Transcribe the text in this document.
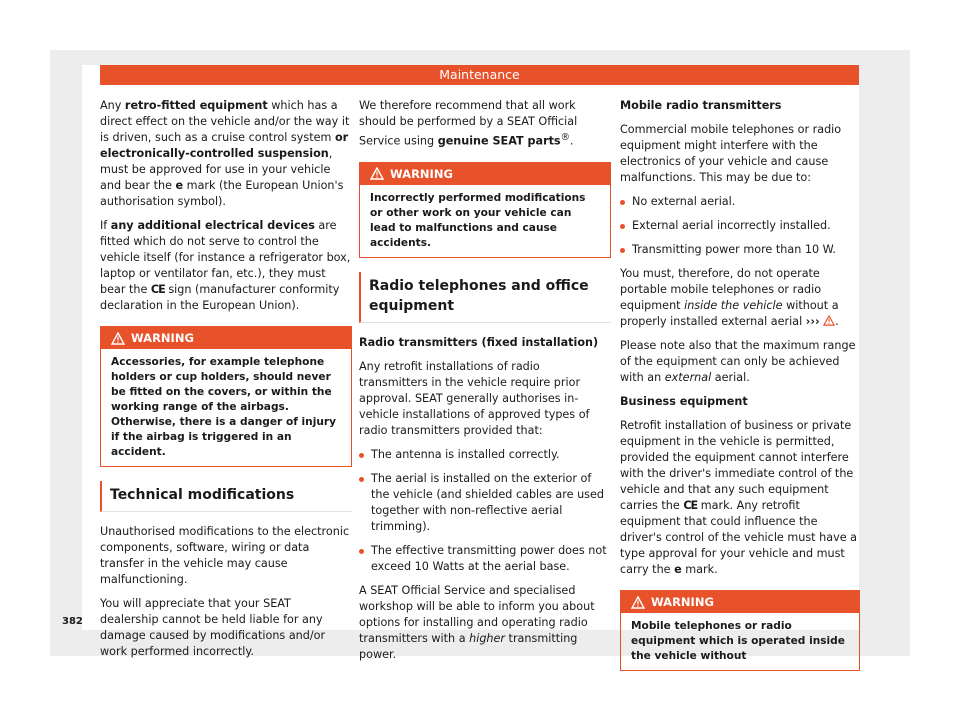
Maintenance

Any retro-fitted equipment which has a direct effect on the vehicle and/or the way it is driven, such as a cruise control system or electronically-controlled suspension, must be approved for use in your vehicle and bear the e mark (the European Union's authorisation symbol).

If any additional electrical devices are fitted which do not serve to control the vehicle itself (for instance a refrigerator box, laptop or ventilator fan, etc.), they must bear the CE sign (manufacturer conformity declaration in the European Union).

WARNING
Accessories, for example telephone holders or cup holders, should never be fitted on the covers, or within the working range of the airbags. Otherwise, there is a danger of injury if the airbag is triggered in an accident.
Technical modifications

Unauthorised modifications to the electronic components, software, wiring or data transfer in the vehicle may cause malfunctioning.

You will appreciate that your SEAT dealership cannot be held liable for any damage caused by modifications and/or work performed incorrectly.

We therefore recommend that all work should be performed by a SEAT Official Service using genuine SEAT parts®.

WARNING
Incorrectly performed modifications or other work on your vehicle can lead to malfunctions and cause accidents.
Radio telephones and office equipment

Radio transmitters (fixed installation)

Any retrofit installations of radio transmitters in the vehicle require prior approval. SEAT generally authorises in-vehicle installations of approved types of radio transmitters provided that:

The antenna is installed correctly.

The aerial is installed on the exterior of the vehicle (and shielded cables are used together with non-reflective aerial trimming).

The effective transmitting power does not exceed 10 Watts at the aerial base.

A SEAT Official Service and specialised workshop will be able to inform you about options for installing and operating radio transmitters with a higher transmitting power.

Mobile radio transmitters

Commercial mobile telephones or radio equipment might interfere with the electronics of your vehicle and cause malfunctions. This may be due to:

No external aerial.

External aerial incorrectly installed.

Transmitting power more than 10 W.

You must, therefore, do not operate portable mobile telephones or radio equipment inside the vehicle without a properly installed external aerial ››› .

Please note also that the maximum range of the equipment can only be achieved with an external aerial.

Business equipment

Retrofit installation of business or private equipment in the vehicle is permitted, provided the equipment cannot interfere with the driver's immediate control of the vehicle and that any such equipment carries the CE mark. Any retrofit equipment that could influence the driver's control of the vehicle must have a type approval for your vehicle and must carry the e mark.

WARNING
Mobile telephones or radio equipment which is operated inside the vehicle without
382
